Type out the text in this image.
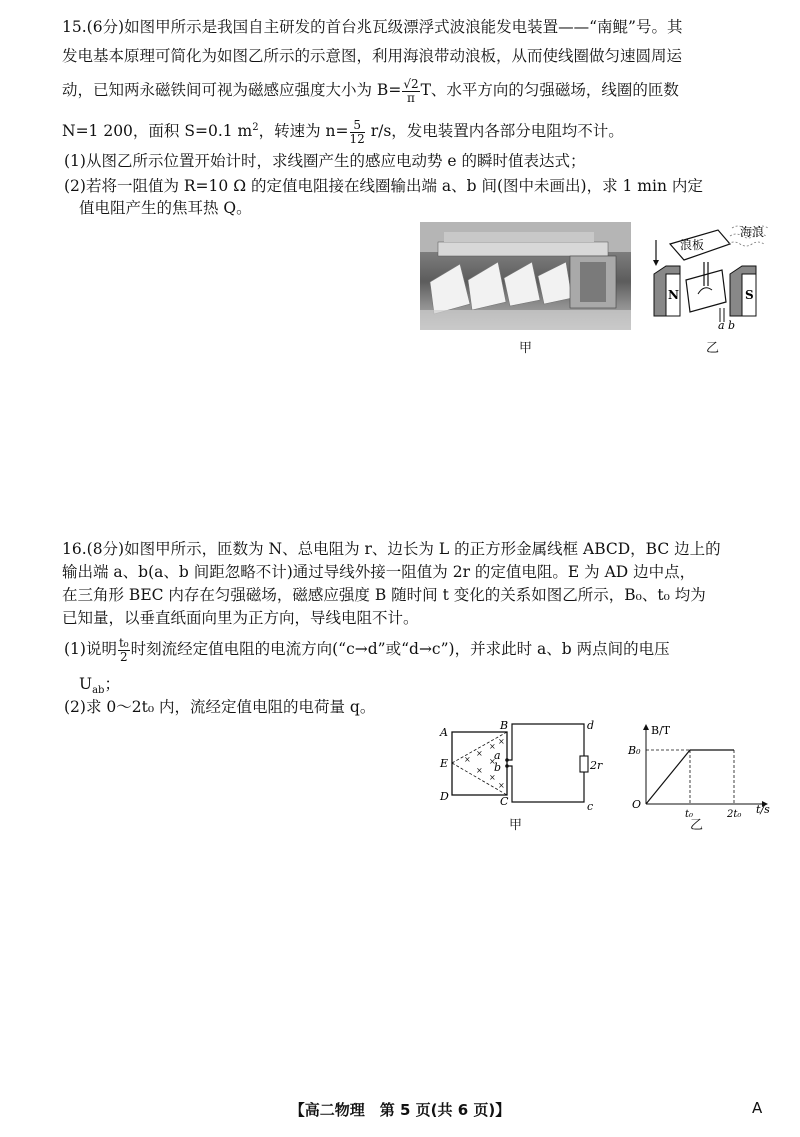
15.(6分)如图甲所示是我国自主研发的首台兆瓦级漂浮式波浪能发电装置——“南鲲”号。其
发电基本原理可简化为如图乙所示的示意图，利用海浪带动浪板，从而使线圈做匀速圆周运
动，已知两永磁铁间可视为磁感应强度大小为 $B= \frac{√2}{\pi}$ T、水平方向的匀强磁场，线圈的匝数
N=1 200，面积 S=0.1 $m^2$，转速为 $n= \frac{5}{12} r/s$，发电装置内各部分电阻均不计。
(1)从图乙所示位置开始计时，求线圈产生的感应电动势 e 的瞬时值表达式；
(2)若将一阻值为 R=10 Ω 的定值电阻接在线圈输出端 a、b 间(图中未画出)，求 1 min 内定
值电阻产生的焦耳热 Q。
甲
浪板
海浪
N	S
a b
乙
16.(8分)如图甲所示，匝数为 N、总电阻为 r、边长为 L 的正方形金属线框 ABCD，BC 边上的
输出端 a、b(a、b 间距忽略不计)通过导线外接一阻值为 2r 的定值电阻。E 为 AD 边中点，
在三角形 BEC 内存在匀强磁场，磁感应强度 B 随时间 t 变化的关系如图乙所示，B₀、t₀ 均为
已知量，以垂直纸面向里为正方向，导线电阻不计。
(1)说明 $\frac{\text{t₀}}{2}$ 时刻流经定值电阻的电流方向(“c→d”或“d→c”)，并求此时 a、b 两点间的电压
$U_{ab}$；
(2)求 0～2t₀ 内，流经定值电阻的电荷量 q。
×
×
×
×
×
×
×
×
A
B
C
D
E
a
b
d
c
2r
甲
B/T
t/s
O
B₀
t₀	2t₀
乙
【高二物理　第 5 页(共 6 页)】	A
